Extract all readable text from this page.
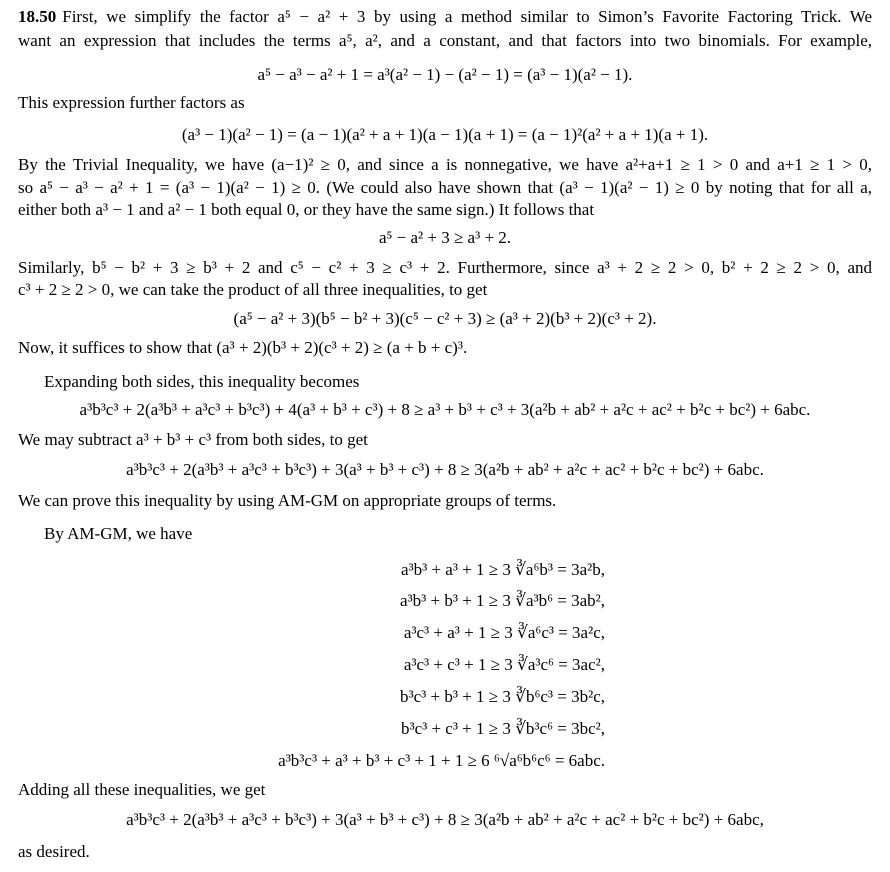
18.50 First, we simplify the factor a⁵ − a² + 3 by using a method similar to Simon’s Favorite Factoring Trick. We
want an expression that includes the terms a⁵, a², and a constant, and that factors into two binomials. For example,
a⁵ − a³ − a² + 1 = a³(a² − 1) − (a² − 1) = (a³ − 1)(a² − 1).
This expression further factors as
(a³ − 1)(a² − 1) = (a − 1)(a² + a + 1)(a − 1)(a + 1) = (a − 1)²(a² + a + 1)(a + 1).
By the Trivial Inequality, we have (a−1)² ≥ 0, and since a is nonnegative, we have a²+a+1 ≥ 1 > 0 and a+1 ≥ 1 > 0,
so a⁵ − a³ − a² + 1 = (a³ − 1)(a² − 1) ≥ 0. (We could also have shown that (a³ − 1)(a² − 1) ≥ 0 by noting that for all a,
either both a³ − 1 and a² − 1 both equal 0, or they have the same sign.) It follows that
a⁵ − a² + 3 ≥ a³ + 2.
Similarly, b⁵ − b² + 3 ≥ b³ + 2 and c⁵ − c² + 3 ≥ c³ + 2. Furthermore, since a³ + 2 ≥ 2 > 0, b² + 2 ≥ 2 > 0, and
c³ + 2 ≥ 2 > 0, we can take the product of all three inequalities, to get
(a⁵ − a² + 3)(b⁵ − b² + 3)(c⁵ − c² + 3) ≥ (a³ + 2)(b³ + 2)(c³ + 2).
Now, it suffices to show that (a³ + 2)(b³ + 2)(c³ + 2) ≥ (a + b + c)³.
Expanding both sides, this inequality becomes
a³b³c³ + 2(a³b³ + a³c³ + b³c³) + 4(a³ + b³ + c³) + 8 ≥ a³ + b³ + c³ + 3(a²b + ab² + a²c + ac² + b²c + bc²) + 6abc.
We may subtract a³ + b³ + c³ from both sides, to get
a³b³c³ + 2(a³b³ + a³c³ + b³c³) + 3(a³ + b³ + c³) + 8 ≥ 3(a²b + ab² + a²c + ac² + b²c + bc²) + 6abc.
We can prove this inequality by using AM-GM on appropriate groups of terms.
By AM-GM, we have
a³b³ + a³ + 1 ≥ 3 ∛a⁶b³ = 3a²b,
a³b³ + b³ + 1 ≥ 3 ∛a³b⁶ = 3ab²,
a³c³ + a³ + 1 ≥ 3 ∛a⁶c³ = 3a²c,
a³c³ + c³ + 1 ≥ 3 ∛a³c⁶ = 3ac²,
b³c³ + b³ + 1 ≥ 3 ∛b⁶c³ = 3b²c,
b³c³ + c³ + 1 ≥ 3 ∛b³c⁶ = 3bc²,
a³b³c³ + a³ + b³ + c³ + 1 + 1 ≥ 6 ⁶√a⁶b⁶c⁶ = 6abc.
Adding all these inequalities, we get
a³b³c³ + 2(a³b³ + a³c³ + b³c³) + 3(a³ + b³ + c³) + 8 ≥ 3(a²b + ab² + a²c + ac² + b²c + bc²) + 6abc,
as desired.
